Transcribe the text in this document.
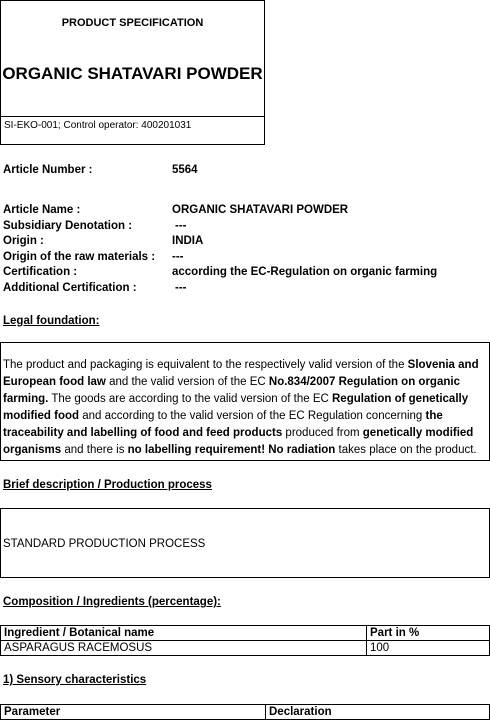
PRODUCT SPECIFICATION
ORGANIC SHATAVARI POWDER
SI-EKO-001; Control operator: 400201031
Article Number :	5564
Article Name :	ORGANIC SHATAVARI POWDER
Subsidiary Denotation :	---
Origin :	INDIA
Origin of the raw materials : ---
Certification :	according the EC-Regulation on organic farming
Additional Certification :	---
Legal foundation:
The product and packaging is equivalent to the respectively valid version of the Slovenia and European food law and the valid version of the EC No.834/2007 Regulation on organic farming. The goods are according to the valid version of the EC Regulation of genetically modified food and according to the valid version of the EC Regulation concerning the traceability and labelling of food and feed products produced from genetically modified organisms and there is no labelling requirement! No radiation takes place on the product.
Brief description / Production process
STANDARD PRODUCTION PROCESS
Composition / Ingredients (percentage):
Ingredient / Botanical name	Part in %
ASPARAGUS RACEMOSUS	100
1) Sensory characteristics
Parameter	Declaration
